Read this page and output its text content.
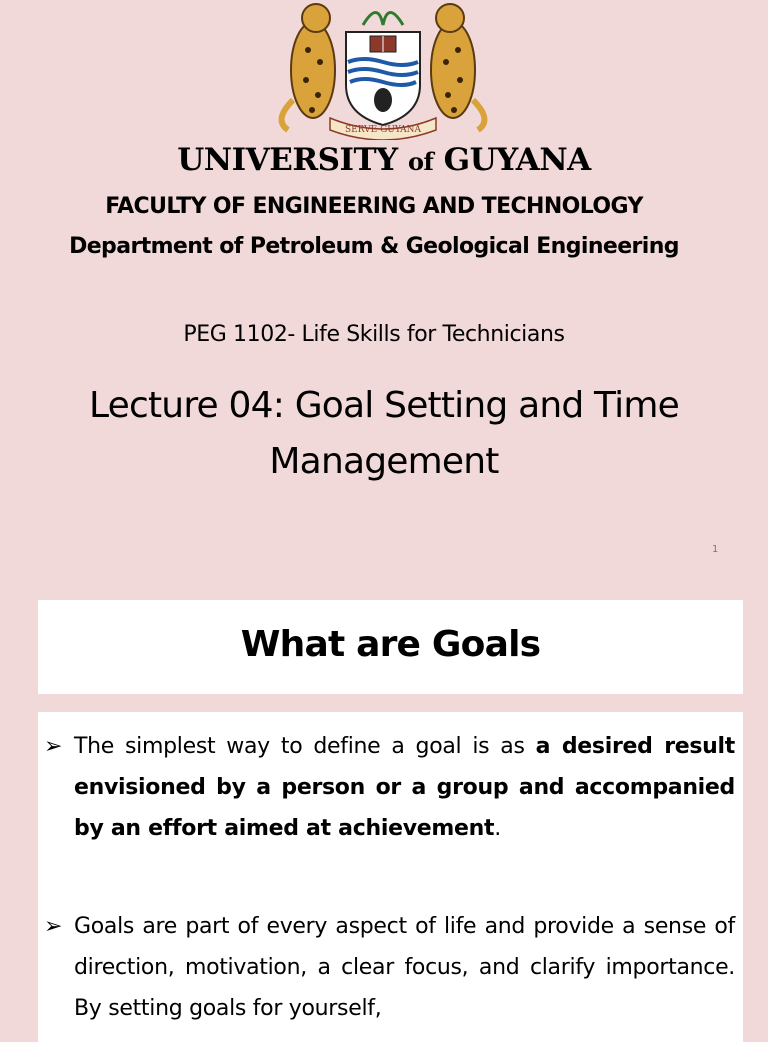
SERVE GUYANA
UNIVERSITY of GUYANA
FACULTY OF ENGINEERING AND TECHNOLOGY
Department of Petroleum & Geological Engineering
PEG 1102- Life Skills for Technicians
Lecture 04: Goal Setting and Time
Management
1
What are Goals
➢ The simplest way to define a goal is as a desired result envisioned by a person or a group and accompanied by an effort aimed at achievement.
➢ Goals are part of every aspect of life and provide a sense of direction, motivation, a clear focus, and clarify importance. By setting goals for yourself,
